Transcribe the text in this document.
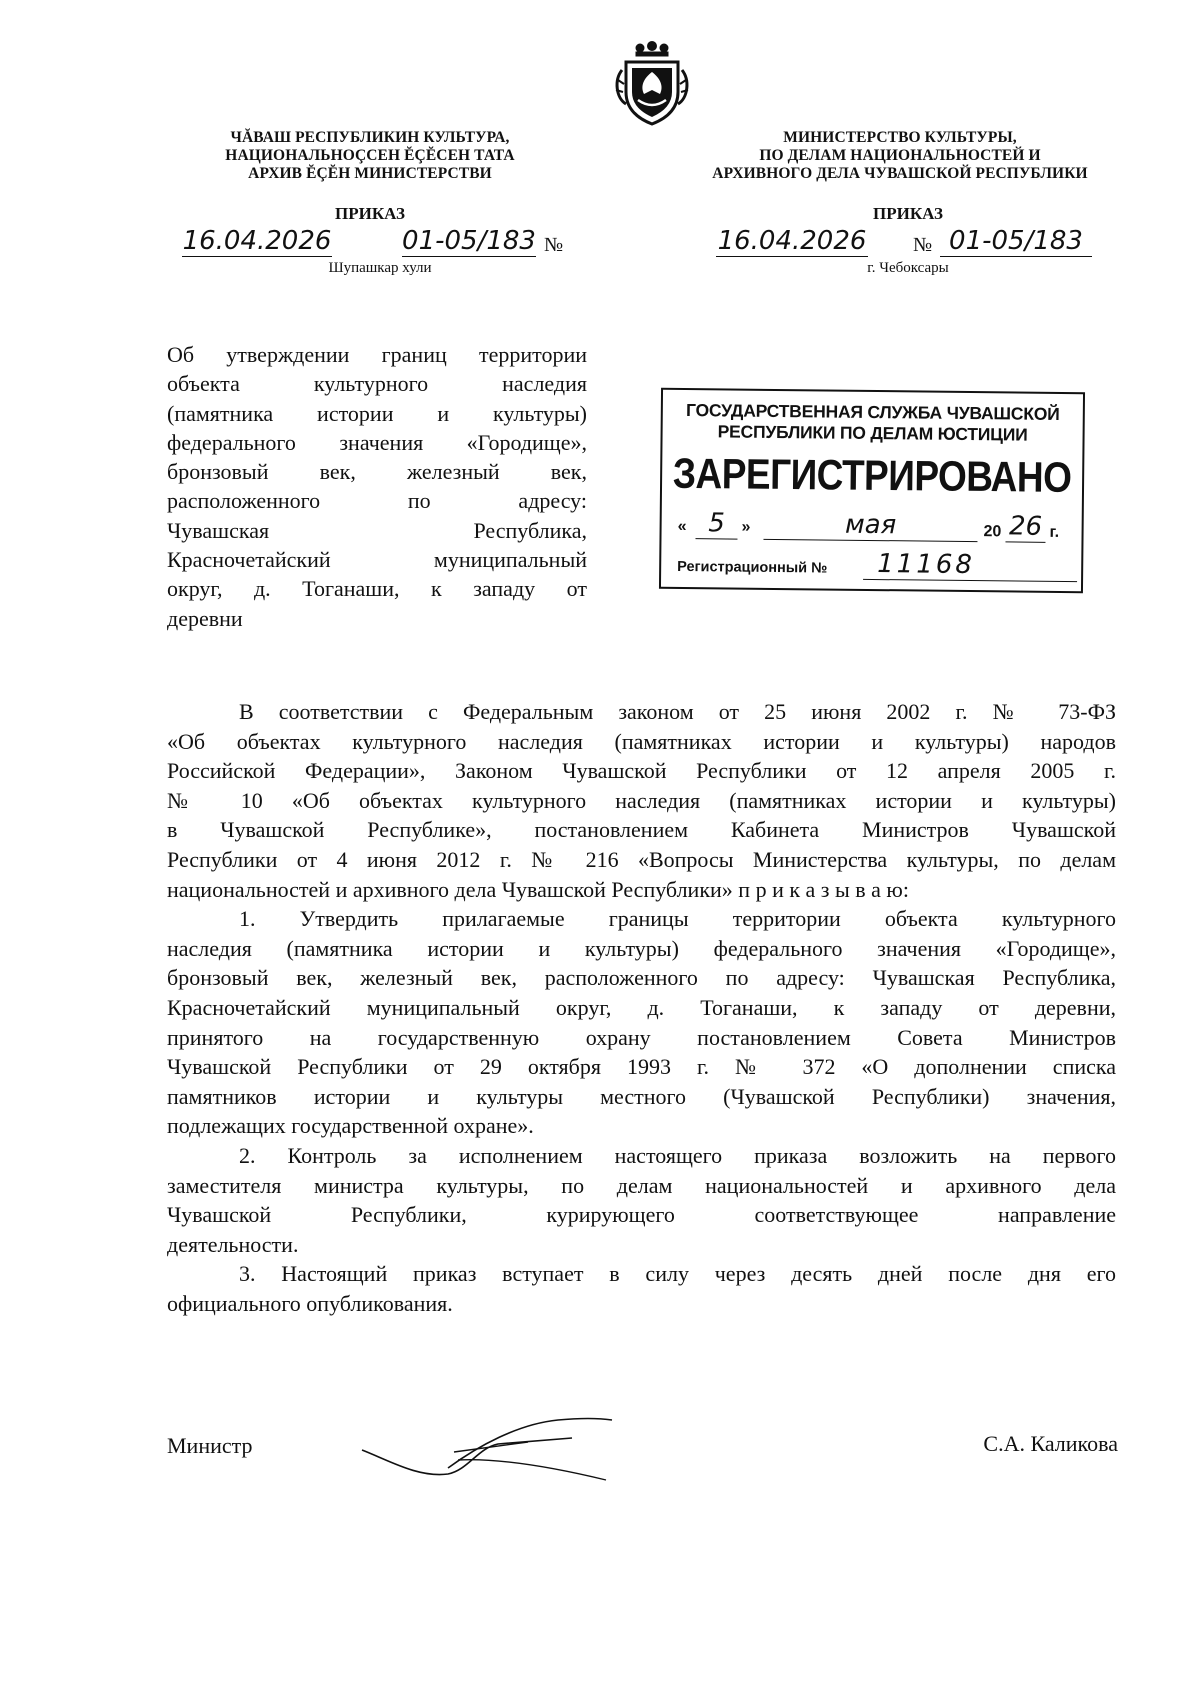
ЧĂВАШ РЕСПУБЛИКИН КУЛЬТУРА,
НАЦИОНАЛЬНОÇСЕН ĔÇĔСЕН ТАТА
АРХИВ ĔÇĔН МИНИСТЕРСТВИ
МИНИСТЕРСТВО КУЛЬТУРЫ,
ПО ДЕЛАМ НАЦИОНАЛЬНОСТЕЙ И
АРХИВНОГО ДЕЛА ЧУВАШСКОЙ РЕСПУБЛИКИ
ПРИКАЗ
16.04.2026	01-05/183 №
Шупашкар хули
ПРИКАЗ
16.04.2026 № 01-05/183
г. Чебоксары
Об утверждении границ территории
объекта культурного наследия
(памятника истории и культуры)
федерального значения «Городище»,
бронзовый век, железный век,
расположенного по адресу:
Чувашская Республика,
Красночетайский муниципальный
округ, д. Тоганаши, к западу от
деревни
ГОСУДАРСТВЕННАЯ СЛУЖБА ЧУВАШСКОЙ
РЕСПУБЛИКИ ПО ДЕЛАМ ЮСТИЦИИ
ЗАРЕГИСТРИРОВАНО
« 5	»	мая	20 26 г.
Регистрационный №	11168
В соответствии с Федеральным законом от 25 июня 2002 г. № 73-ФЗ
«Об объектах культурного наследия (памятниках истории и культуры) народов
Российской Федерации», Законом Чувашской Республики от 12 апреля 2005 г.
№ 10 «Об объектах культурного наследия (памятниках истории и культуры)
в Чувашской Республике», постановлением Кабинета Министров Чувашской
Республики от 4 июня 2012 г. № 216 «Вопросы Министерства культуры, по делам
национальностей и архивного дела Чувашской Республики» п р и к а з ы в а ю:
1. Утвердить прилагаемые границы территории объекта культурного
наследия (памятника истории и культуры) федерального значения «Городище»,
бронзовый век, железный век, расположенного по адресу: Чувашская Республика,
Красночетайский муниципальный округ, д. Тоганаши, к западу от деревни,
принятого на государственную охрану постановлением Совета Министров
Чувашской Республики от 29 октября 1993 г. № 372 «О дополнении списка
памятников истории и культуры местного (Чувашской Республики) значения,
подлежащих государственной охране».
2. Контроль за исполнением настоящего приказа возложить на первого
заместителя министра культуры, по делам национальностей и архивного дела
Чувашской Республики, курирующего соответствующее направление
деятельности.
3. Настоящий приказ вступает в силу через десять дней после дня его
официального опубликования.
Министр	С.А. Каликова
